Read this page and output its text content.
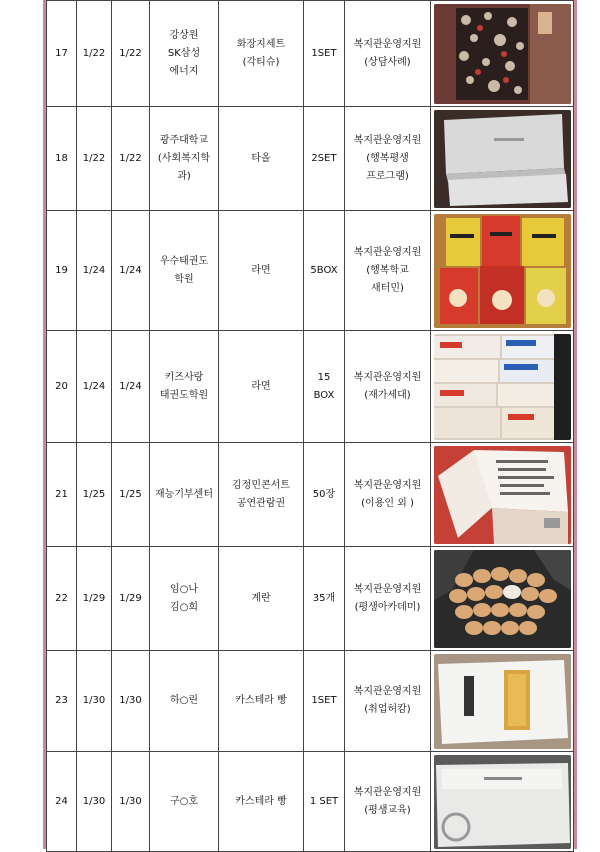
17	1/22	1/22	강상원
SK삼성
에너지	화장지세트
(각티슈)	1SET	복지관운영지원
(상담사례)	

18	1/22	1/22	광주대학교
(사회복지학
과)	타올	2SET	복지관운영지원
(행복평생
프로그램)	

19	1/24	1/24	우수태권도
학원	라면	5BOX	복지관운영지원
(행복학교
새터민)	

20	1/24	1/24	키즈사랑
태권도학원	라면	15
BOX	복지관운영지원
(재가세대)	

21	1/25	1/25	재능기부센터	김정민콘서트
공연관람권	50장	복지관운영지원
(이용인 외 )	

22	1/29	1/29	임○나
김○희	계란	35개	복지관운영지원
(평생아카데미)	

23	1/30	1/30	하○린	카스테라 빵	1SET	복지관운영지원
(취업허캄)	

24	1/30	1/30	구○호	카스테라 빵	1 SET	복지관운영지원
(평생교육)	
